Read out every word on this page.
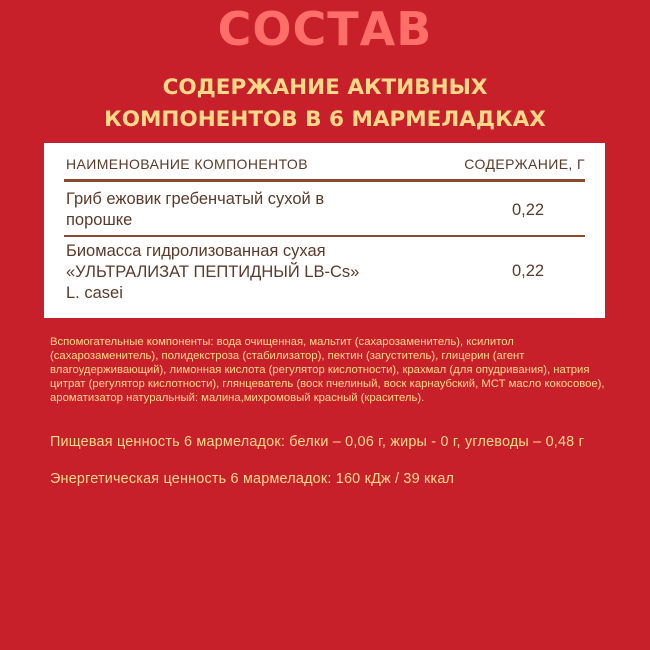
СОСТАВ
СОДЕРЖАНИЕ АКТИВНЫХ
КОМПОНЕНТОВ В 6 МАРМЕЛАДКАХ
НАИМЕНОВАНИЕ КОМПОНЕНТОВ	СОДЕРЖАНИЕ, Г
Гриб ежовик гребенчатый сухой в порошке
0,22
Биомасса гидролизованная сухая «УЛЬТРАЛИЗАТ ПЕПТИДНЫЙ LB-Cs» L. casei
0,22
Вспомогательные компоненты: вода очищенная, мальтит (сахарозаменитель), ксилитол (сахарозаменитель), полидекстроза (стабилизатор), пектин (загуститель), глицерин (агент влагоудерживающий), лимонная кислота (регулятор кислотности), крахмал (для опудривания), натрия цитрат (регулятор кислотности), глянцеватель (воск пчелиный, воск карнаубский, МСТ масло кокосовое), ароматизатор натуральный: малина,михромовый красный (краситель).
Пищевая ценность 6 мармеладок: белки – 0,06 г, жиры - 0 г, углеводы – 0,48 г
Энергетическая ценность 6 мармеладок: 160 кДж / 39 ккал
